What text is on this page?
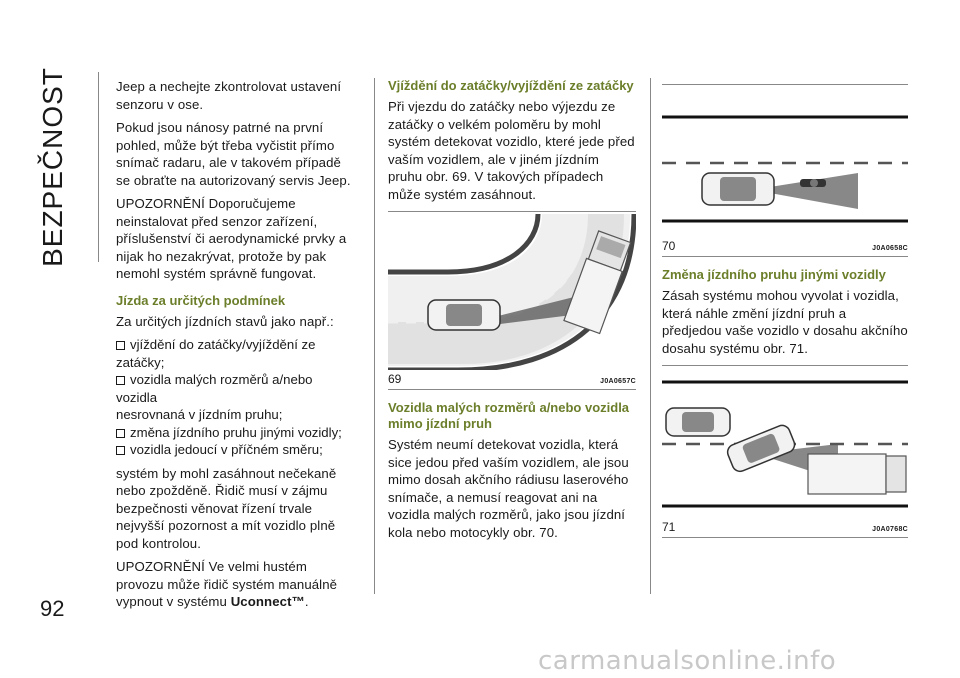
BEZPEČNOST
92

Jeep a nechejte zkontrolovat ustavení senzoru v ose.

Pokud jsou nánosy patrné na první pohled, může být třeba vyčistit přímo snímač radaru, ale v takovém případě se obraťte na autorizovaný servis Jeep.

UPOZORNĚNÍ Doporučujeme neinstalovat před senzor zařízení, příslušenství či aerodynamické prvky a nijak ho nezakrývat, protože by pak nemohl systém správně fungovat.

Jízda za určitých podmínek

Za určitých jízdních stavů jako např.:

vjíždění do zatáčky/vyjíždění ze
zatáčky;
vozidla malých rozměrů a/nebo vozidla
nesrovnaná v jízdním pruhu;
změna jízdního pruhu jinými vozidly;
vozidla jedoucí v příčném směru;

systém by mohl zasáhnout nečekaně nebo zpožděně. Řidič musí v zájmu bezpečnosti věnovat řízení trvale nejvyšší pozornost a mít vozidlo plně pod kontrolou.

UPOZORNĚNÍ Ve velmi hustém provozu může řidič systém manuálně vypnout v systému Uconnect™.

Vjíždění do zatáčky/vyjíždění ze zatáčky

Při vjezdu do zatáčky nebo výjezdu ze zatáčky o velkém poloměru by mohl systém detekovat vozidlo, které jede před vaším vozidlem, ale v jiném jízdním pruhu obr. 69. V takových případech může systém zasáhnout.

69	J0A0657C
Vozidla malých rozměrů a/nebo vozidla mimo jízdní pruh

Systém neumí detekovat vozidla, která sice jedou před vaším vozidlem, ale jsou mimo dosah akčního rádiusu laserového snímače, a nemusí reagovat ani na vozidla malých rozměrů, jako jsou jízdní kola nebo motocykly obr. 70.

70	J0A0658C
Změna jízdního pruhu jinými vozidly

Zásah systému mohou vyvolat i vozidla, která náhle změní jízdní pruh a předjedou vaše vozidlo v dosahu akčního dosahu systému obr. 71.

71	J0A0768C
carmanualsonline.info
